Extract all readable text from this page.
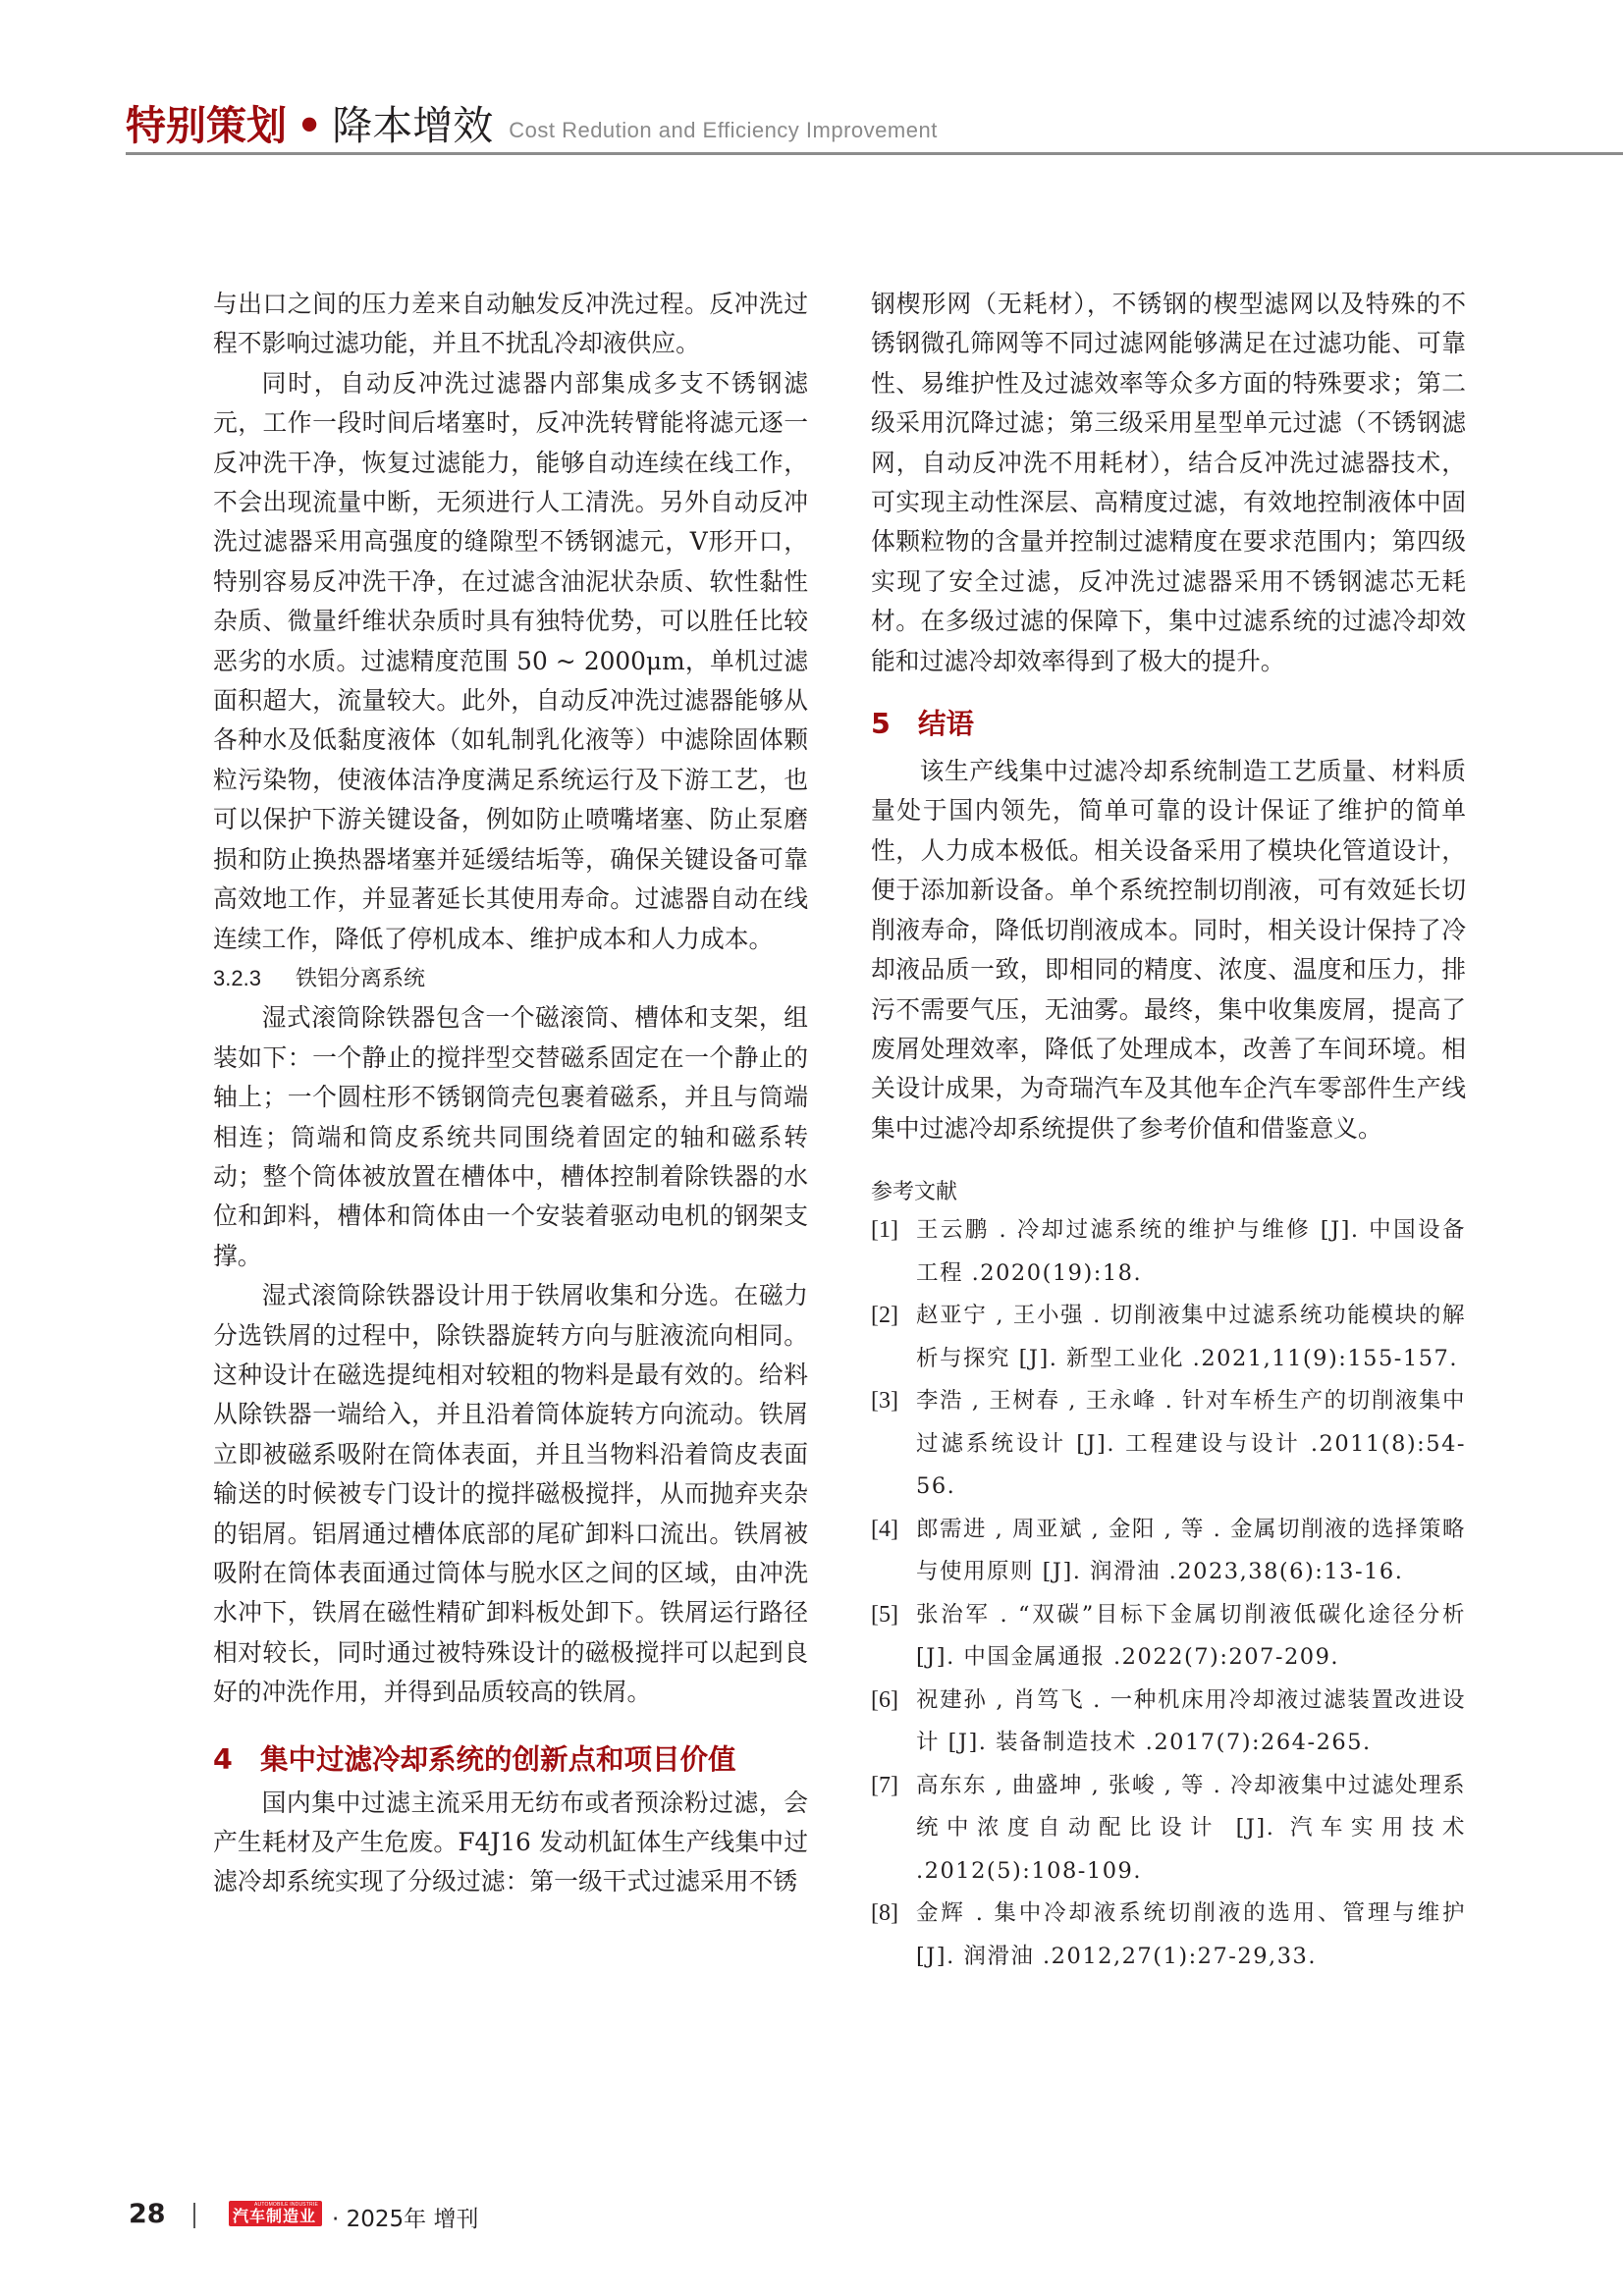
特别策划 • 降本增效 Cost Redution and Efficiency Improvement

与出口之间的压力差来自动触发反冲洗过程。反冲洗过程不影响过滤功能，并且不扰乱冷却液供应。

同时，自动反冲洗过滤器内部集成多支不锈钢滤元，工作一段时间后堵塞时，反冲洗转臂能将滤元逐一反冲洗干净，恢复过滤能力，能够自动连续在线工作，不会出现流量中断，无须进行人工清洗。另外自动反冲洗过滤器采用高强度的缝隙型不锈钢滤元，V形开口，特别容易反冲洗干净，在过滤含油泥状杂质、软性黏性杂质、微量纤维状杂质时具有独特优势，可以胜任比较恶劣的水质。过滤精度范围 50 ~ 2000μm，单机过滤面积超大，流量较大。此外，自动反冲洗过滤器能够从各种水及低黏度液体（如轧制乳化液等）中滤除固体颗粒污染物，使液体洁净度满足系统运行及下游工艺，也可以保护下游关键设备，例如防止喷嘴堵塞、防止泵磨损和防止换热器堵塞并延缓结垢等，确保关键设备可靠高效地工作，并显著延长其使用寿命。过滤器自动在线连续工作，降低了停机成本、维护成本和人力成本。

3.2.3 铁铝分离系统

湿式滚筒除铁器包含一个磁滚筒、槽体和支架，组装如下：一个静止的搅拌型交替磁系固定在一个静止的轴上；一个圆柱形不锈钢筒壳包裹着磁系，并且与筒端相连；筒端和筒皮系统共同围绕着固定的轴和磁系转动；整个筒体被放置在槽体中，槽体控制着除铁器的水位和卸料，槽体和筒体由一个安装着驱动电机的钢架支撑。

湿式滚筒除铁器设计用于铁屑收集和分选。在磁力分选铁屑的过程中，除铁器旋转方向与脏液流向相同。这种设计在磁选提纯相对较粗的物料是最有效的。给料从除铁器一端给入，并且沿着筒体旋转方向流动。铁屑立即被磁系吸附在筒体表面，并且当物料沿着筒皮表面输送的时候被专门设计的搅拌磁极搅拌，从而抛弃夹杂的铝屑。铝屑通过槽体底部的尾矿卸料口流出。铁屑被吸附在筒体表面通过筒体与脱水区之间的区域，由冲洗水冲下，铁屑在磁性精矿卸料板处卸下。铁屑运行路径相对较长，同时通过被特殊设计的磁极搅拌可以起到良好的冲洗作用，并得到品质较高的铁屑。

4 集中过滤冷却系统的创新点和项目价值

国内集中过滤主流采用无纺布或者预涂粉过滤，会产生耗材及产生危废。F4J16 发动机缸体生产线集中过滤冷却系统实现了分级过滤：第一级干式过滤采用不锈

钢楔形网（无耗材），不锈钢的楔型滤网以及特殊的不锈钢微孔筛网等不同过滤网能够满足在过滤功能、可靠性、易维护性及过滤效率等众多方面的特殊要求；第二级采用沉降过滤；第三级采用星型单元过滤（不锈钢滤网，自动反冲洗不用耗材），结合反冲洗过滤器技术，可实现主动性深层、高精度过滤，有效地控制液体中固体颗粒物的含量并控制过滤精度在要求范围内；第四级实现了安全过滤，反冲洗过滤器采用不锈钢滤芯无耗材。在多级过滤的保障下，集中过滤系统的过滤冷却效能和过滤冷却效率得到了极大的提升。

5 结语

该生产线集中过滤冷却系统制造工艺质量、材料质量处于国内领先，简单可靠的设计保证了维护的简单性，人力成本极低。相关设备采用了模块化管道设计，便于添加新设备。单个系统控制切削液，可有效延长切削液寿命，降低切削液成本。同时，相关设计保持了冷却液品质一致，即相同的精度、浓度、温度和压力，排污不需要气压，无油雾。最终，集中收集废屑，提高了废屑处理效率，降低了处理成本，改善了车间环境。相关设计成果，为奇瑞汽车及其他车企汽车零部件生产线集中过滤冷却系统提供了参考价值和借鉴意义。

参考文献
[1] 王云鹏 . 冷却过滤系统的维护与维修 [J]. 中国设备工程 .2020(19):18.
[2] 赵亚宁 , 王小强 . 切削液集中过滤系统功能模块的解析与探究 [J]. 新型工业化 .2021,11(9):155-157.
[3] 李浩 , 王树春 , 王永峰 . 针对车桥生产的切削液集中过滤系统设计 [J]. 工程建设与设计 .2011(8):54-56.
[4] 郎需进 , 周亚斌 , 金阳 , 等 . 金属切削液的选择策略与使用原则 [J]. 润滑油 .2023,38(6):13-16.
[5] 张治军 . “双碳”目标下金属切削液低碳化途径分析 [J]. 中国金属通报 .2022(7):207-209.
[6] 祝建孙 , 肖笃飞 . 一种机床用冷却液过滤装置改进设计 [J]. 装备制造技术 .2017(7):264-265.
[7] 高东东 , 曲盛坤 , 张峻 , 等 . 冷却液集中过滤处理系统中浓度自动配比设计 [J]. 汽车实用技术 .2012(5):108-109.
[8] 金辉 . 集中冷却液系统切削液的选用、管理与维护 [J]. 润滑油 .2012,27(1):27-29,33.
28	AUTOMOBILE INDUSTRIE
汽车制造业 · 2025年 增刊
